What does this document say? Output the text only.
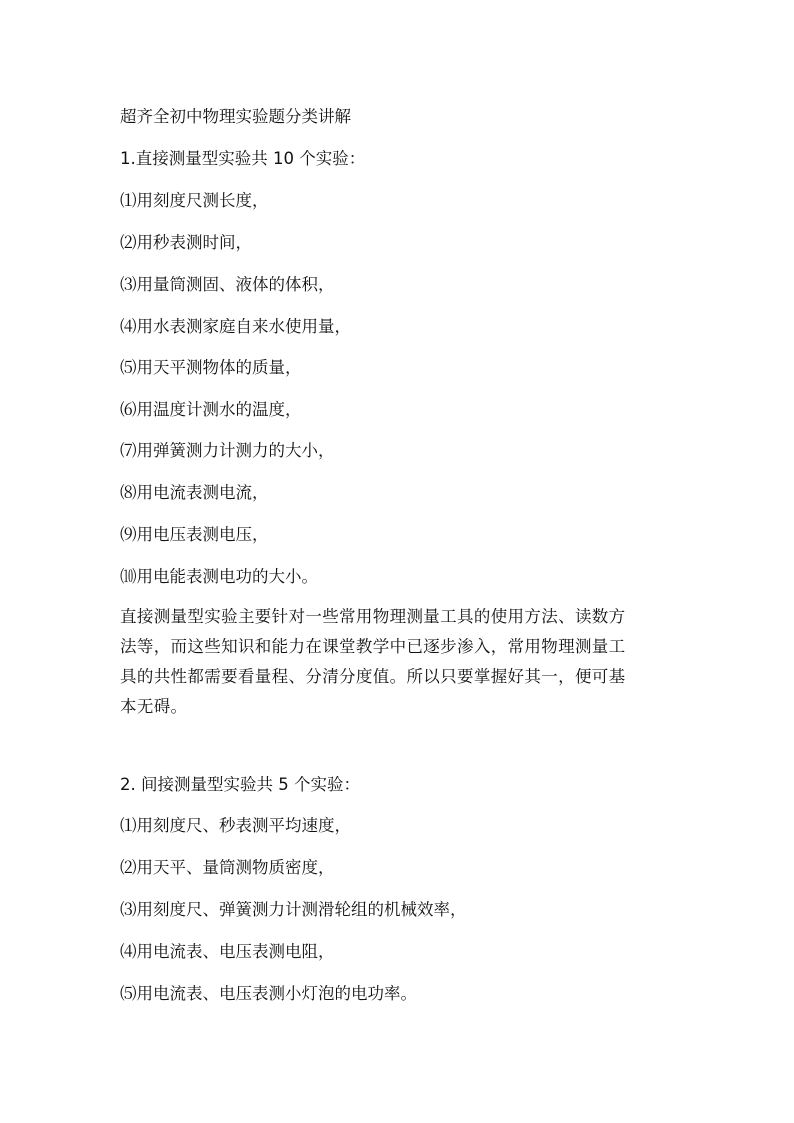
超齐全初中物理实验题分类讲解
1.直接测量型实验共 10 个实验：
⑴用刻度尺测长度，
⑵用秒表测时间，
⑶用量筒测固、液体的体积，
⑷用水表测家庭自来水使用量，
⑸用天平测物体的质量，
⑹用温度计测水的温度，
⑺用弹簧测力计测力的大小，
⑻用电流表测电流，
⑼用电压表测电压，
⑽用电能表测电功的大小。
直接测量型实验主要针对一些常用物理测量工具的使用方法、读数方
法等，而这些知识和能力在课堂教学中已逐步渗入，常用物理测量工
具的共性都需要看量程、分清分度值。所以只要掌握好其一，便可基
本无碍。
2. 间接测量型实验共 5 个实验：
⑴用刻度尺、秒表测平均速度，
⑵用天平、量筒测物质密度，
⑶用刻度尺、弹簧测力计测滑轮组的机械效率，
⑷用电流表、电压表测电阻，
⑸用电流表、电压表测小灯泡的电功率。
